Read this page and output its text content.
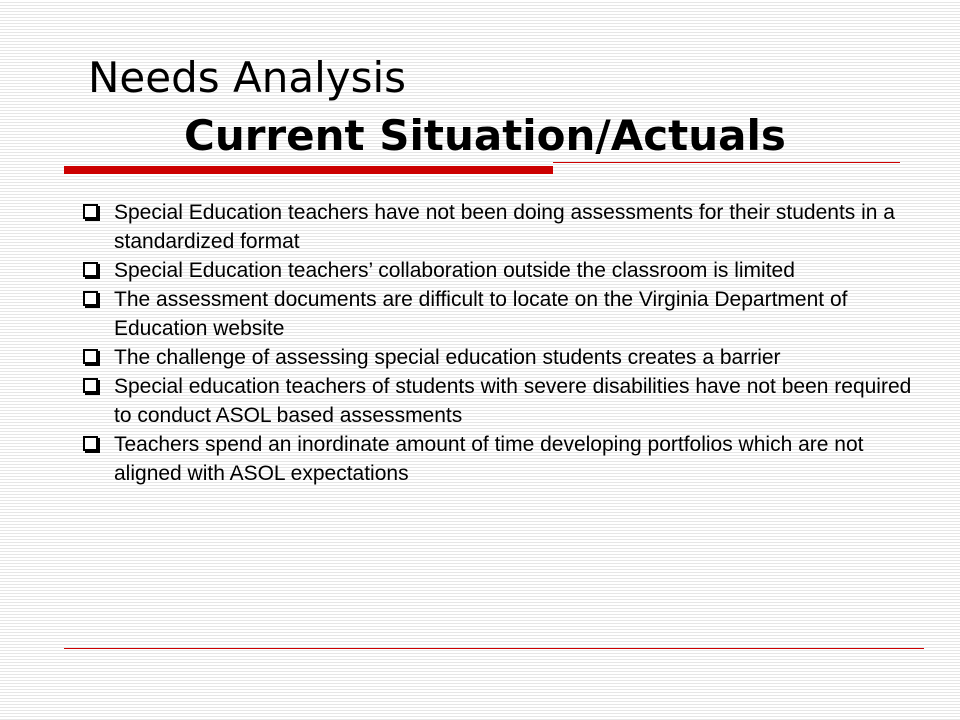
Needs Analysis
Current Situation/Actuals
Special Education teachers have not been doing assessments for their students in a standardized format
Special Education teachers’ collaboration outside the classroom is limited
The assessment documents are difficult to locate on the Virginia Department of Education website
The challenge of assessing special education students creates a barrier
Special education teachers of students with severe disabilities have not been required to conduct ASOL based assessments
Teachers spend an inordinate amount of time developing portfolios which are not aligned with ASOL expectations
